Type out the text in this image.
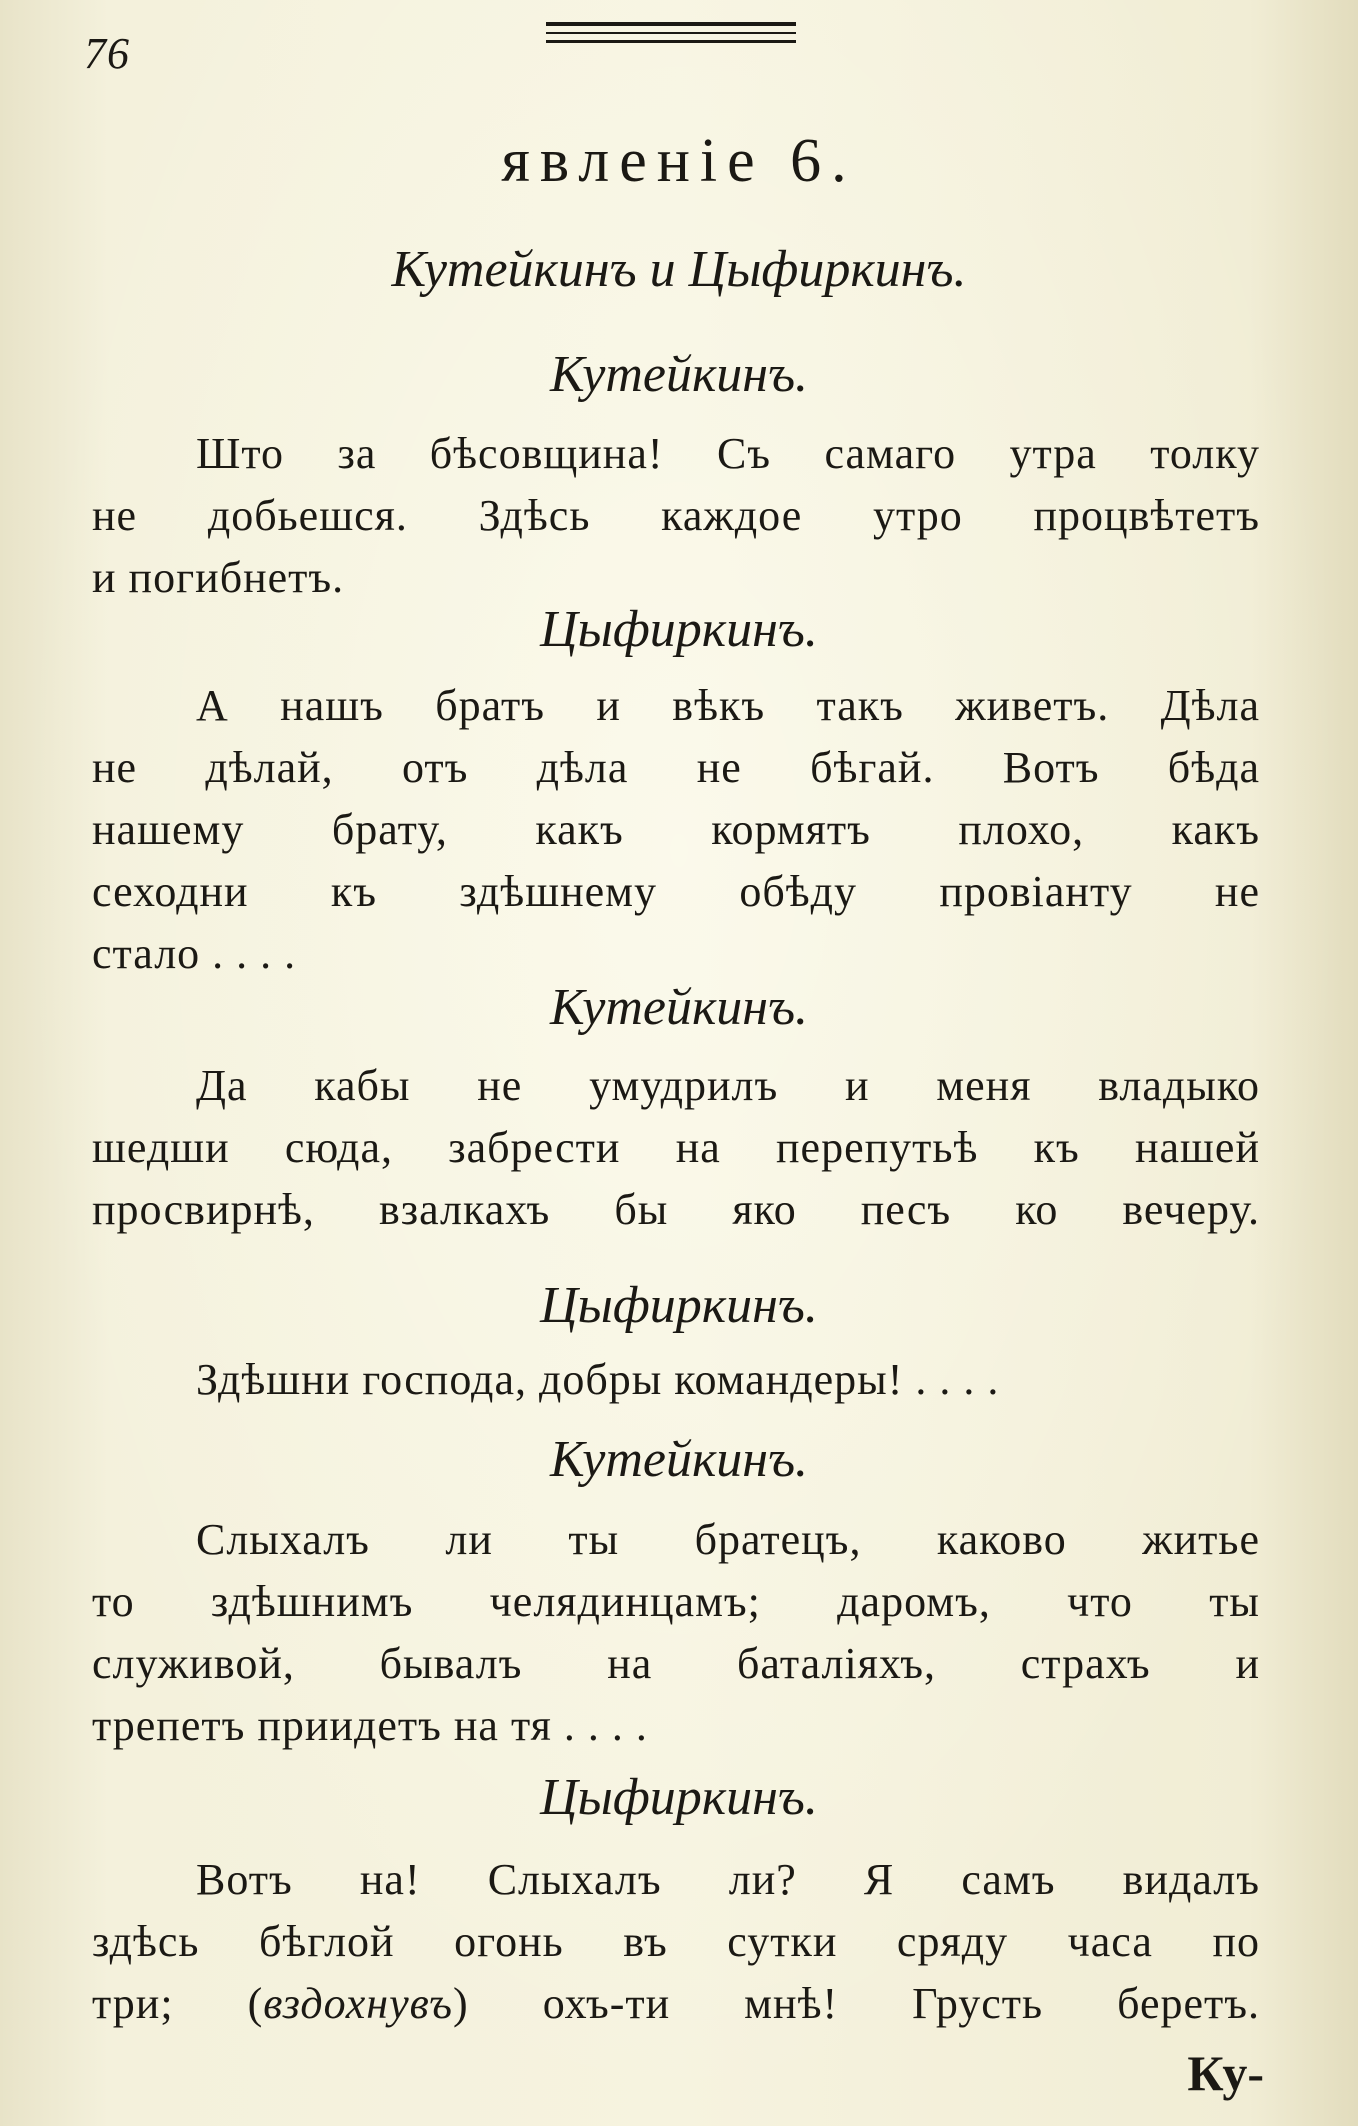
76
явленie 6.
Кутейкинъ и Цыфиркинъ.
Кутейкинъ.
Што за бѣсовщина! Съ самаго утра толку
не добьешся. Здѣсь каждое утро процвѣтетъ
и погибнетъ.
Цыфиркинъ.
А нашъ братъ и вѣкъ такъ живетъ. Дѣла
не дѣлай, отъ дѣла не бѣгай. Вотъ бѣда
нашему брату, какъ кормятъ плохо, какъ
сеходни къ здѣшнему обѣду провiанту не
стало . . . .
Кутейкинъ.
Да кабы не умудрилъ и меня владыко
шедши сюда, забрести на перепутьѣ къ нашей
просвирнѣ, взалкахъ бы яко песъ ко вечеру.
Цыфиркинъ.
Здѣшни господа, добры командеры! . . . .
Кутейкинъ.
Слыхалъ ли ты братецъ, каково житье
то здѣшнимъ челядинцамъ; даромъ, что ты
служивой, бывалъ на баталiяхъ, страхъ и
трепетъ приидетъ на тя . . . .
Цыфиркинъ.
Вотъ на! Слыхалъ ли? Я самъ видалъ
здѣсь бѣглой огонь въ сутки сряду часа по
три; (вздохнувъ) охъ-ти мнѣ! Грусть беретъ.
Ку-
